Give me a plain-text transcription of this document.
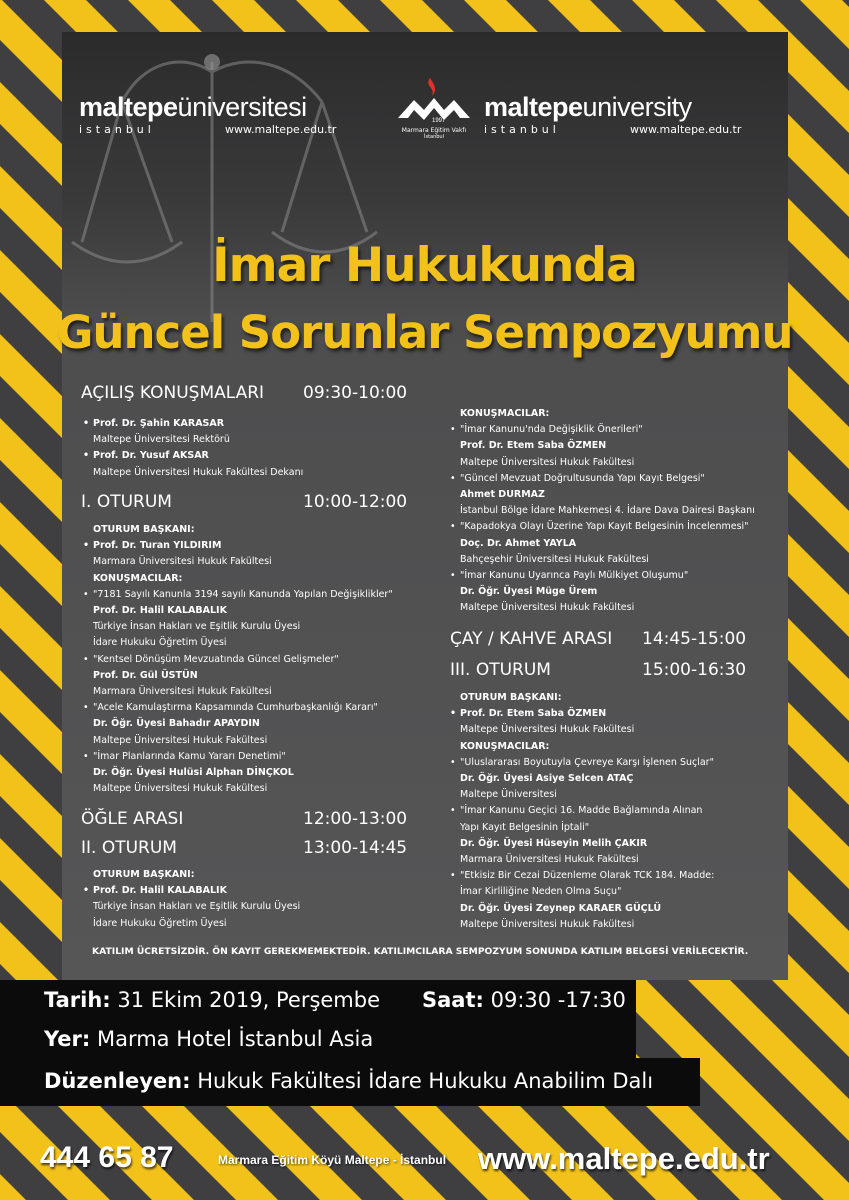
maltepeüniversitesi
istanbul	www.maltepe.edu.tr
1997
Marmara Eğitim Vakfı
İstanbul
maltepeuniversity
istanbul	www.maltepe.edu.tr
İmar Hukukunda
Güncel Sorunlar Sempozyumu
AÇILIŞ KONUŞMALARI 09:30-10:00
• Prof. Dr. Şahin KARASAR
Maltepe Üniversitesi Rektörü
• Prof. Dr. Yusuf AKSAR
Maltepe Üniversitesi Hukuk Fakültesi Dekanı
I. OTURUM	10:00-12:00
OTURUM BAŞKANI:
• Prof. Dr. Turan YILDIRIM
Marmara Üniversitesi Hukuk Fakültesi
KONUŞMACILAR:
• "7181 Sayılı Kanunla 3194 sayılı Kanunda Yapılan Değişiklikler"
Prof. Dr. Halil KALABALIK
Türkiye İnsan Hakları ve Eşitlik Kurulu Üyesi
İdare Hukuku Öğretim Üyesi
• "Kentsel Dönüşüm Mevzuatında Güncel Gelişmeler"
Prof. Dr. Gül ÜSTÜN
Marmara Üniversitesi Hukuk Fakültesi
• "Acele Kamulaştırma Kapsamında Cumhurbaşkanlığı Kararı"
Dr. Öğr. Üyesi Bahadır APAYDIN
Maltepe Üniversitesi Hukuk Fakültesi
• "İmar Planlarında Kamu Yararı Denetimi"
Dr. Öğr. Üyesi Hulüsi Alphan DİNÇKOL
Maltepe Üniversitesi Hukuk Fakültesi
ÖĞLE ARASI	12:00-13:00
II. OTURUM	13:00-14:45
OTURUM BAŞKANI:
• Prof. Dr. Halil KALABALIK
Türkiye İnsan Hakları ve Eşitlik Kurulu Üyesi
İdare Hukuku Öğretim Üyesi
KONUŞMACILAR:
• "İmar Kanunu'nda Değişiklik Önerileri"
Prof. Dr. Etem Saba ÖZMEN
Maltepe Üniversitesi Hukuk Fakültesi
• "Güncel Mevzuat Doğrultusunda Yapı Kayıt Belgesi"
Ahmet DURMAZ
İstanbul Bölge İdare Mahkemesi 4. İdare Dava Dairesi Başkanı
• "Kapadokya Olayı Üzerine Yapı Kayıt Belgesinin İncelenmesi"
Doç. Dr. Ahmet YAYLA
Bahçeşehir Üniversitesi Hukuk Fakültesi
• "İmar Kanunu Uyarınca Paylı Mülkiyet Oluşumu"
Dr. Öğr. Üyesi Müge Ürem
Maltepe Üniversitesi Hukuk Fakültesi
ÇAY / KAHVE ARASI 14:45-15:00
III. OTURUM	15:00-16:30
OTURUM BAŞKANI:
• Prof. Dr. Etem Saba ÖZMEN
Maltepe Üniversitesi Hukuk Fakültesi
KONUŞMACILAR:
• "Uluslararası Boyutuyla Çevreye Karşı İşlenen Suçlar"
Dr. Öğr. Üyesi Asiye Selcen ATAÇ
Maltepe Üniversitesi
• "İmar Kanunu Geçici 16. Madde Bağlamında Alınan
Yapı Kayıt Belgesinin İptali"
Dr. Öğr. Üyesi Hüseyin Melih ÇAKIR
Marmara Üniversitesi Hukuk Fakültesi
• "Etkisiz Bir Cezai Düzenleme Olarak TCK 184. Madde:
İmar Kirliliğine Neden Olma Suçu"
Dr. Öğr. Üyesi Zeynep KARAER GÜÇLÜ
Maltepe Üniversitesi Hukuk Fakültesi
KATILIM ÜCRETSİZDİR. ÖN KAYIT GEREKMEMEKTEDİR. KATILIMCILARA SEMPOZYUM SONUNDA KATILIM BELGESİ VERİLECEKTİR.
Tarih: 31 Ekim 2019, Perşembe Saat: 09:30 -17:30
Yer: Marma Hotel İstanbul Asia
Düzenleyen: Hukuk Fakültesi İdare Hukuku Anabilim Dalı
444 65 87	Marmara Eğitim Köyü Maltepe - İstanbul www.maltepe.edu.tr
